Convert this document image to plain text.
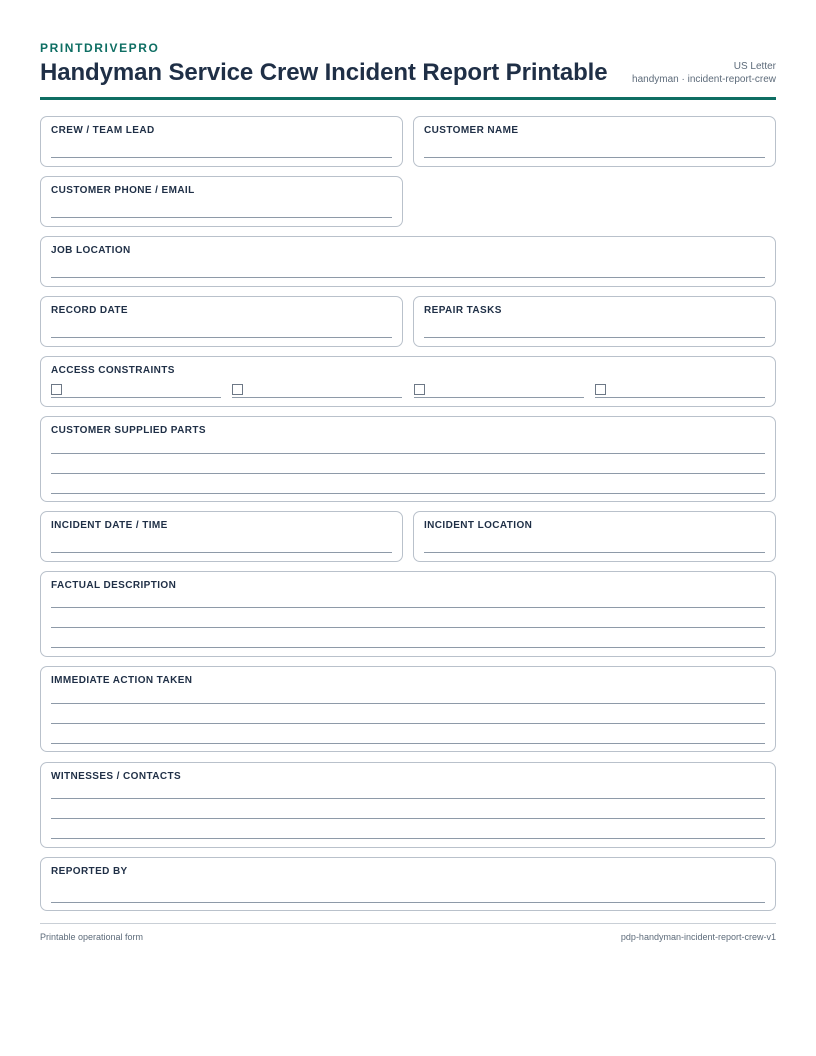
PRINTDRIVEPRO
Handyman Service Crew Incident Report Printable	US Letter
handyman · incident-report-crew
CREW / TEAM LEAD	CUSTOMER NAME
CUSTOMER PHONE / EMAIL
JOB LOCATION
RECORD DATE	REPAIR TASKS
ACCESS CONSTRAINTS
CUSTOMER SUPPLIED PARTS
INCIDENT DATE / TIME	INCIDENT LOCATION
FACTUAL DESCRIPTION
IMMEDIATE ACTION TAKEN
WITNESSES / CONTACTS
REPORTED BY
Printable operational form	pdp-handyman-incident-report-crew-v1
